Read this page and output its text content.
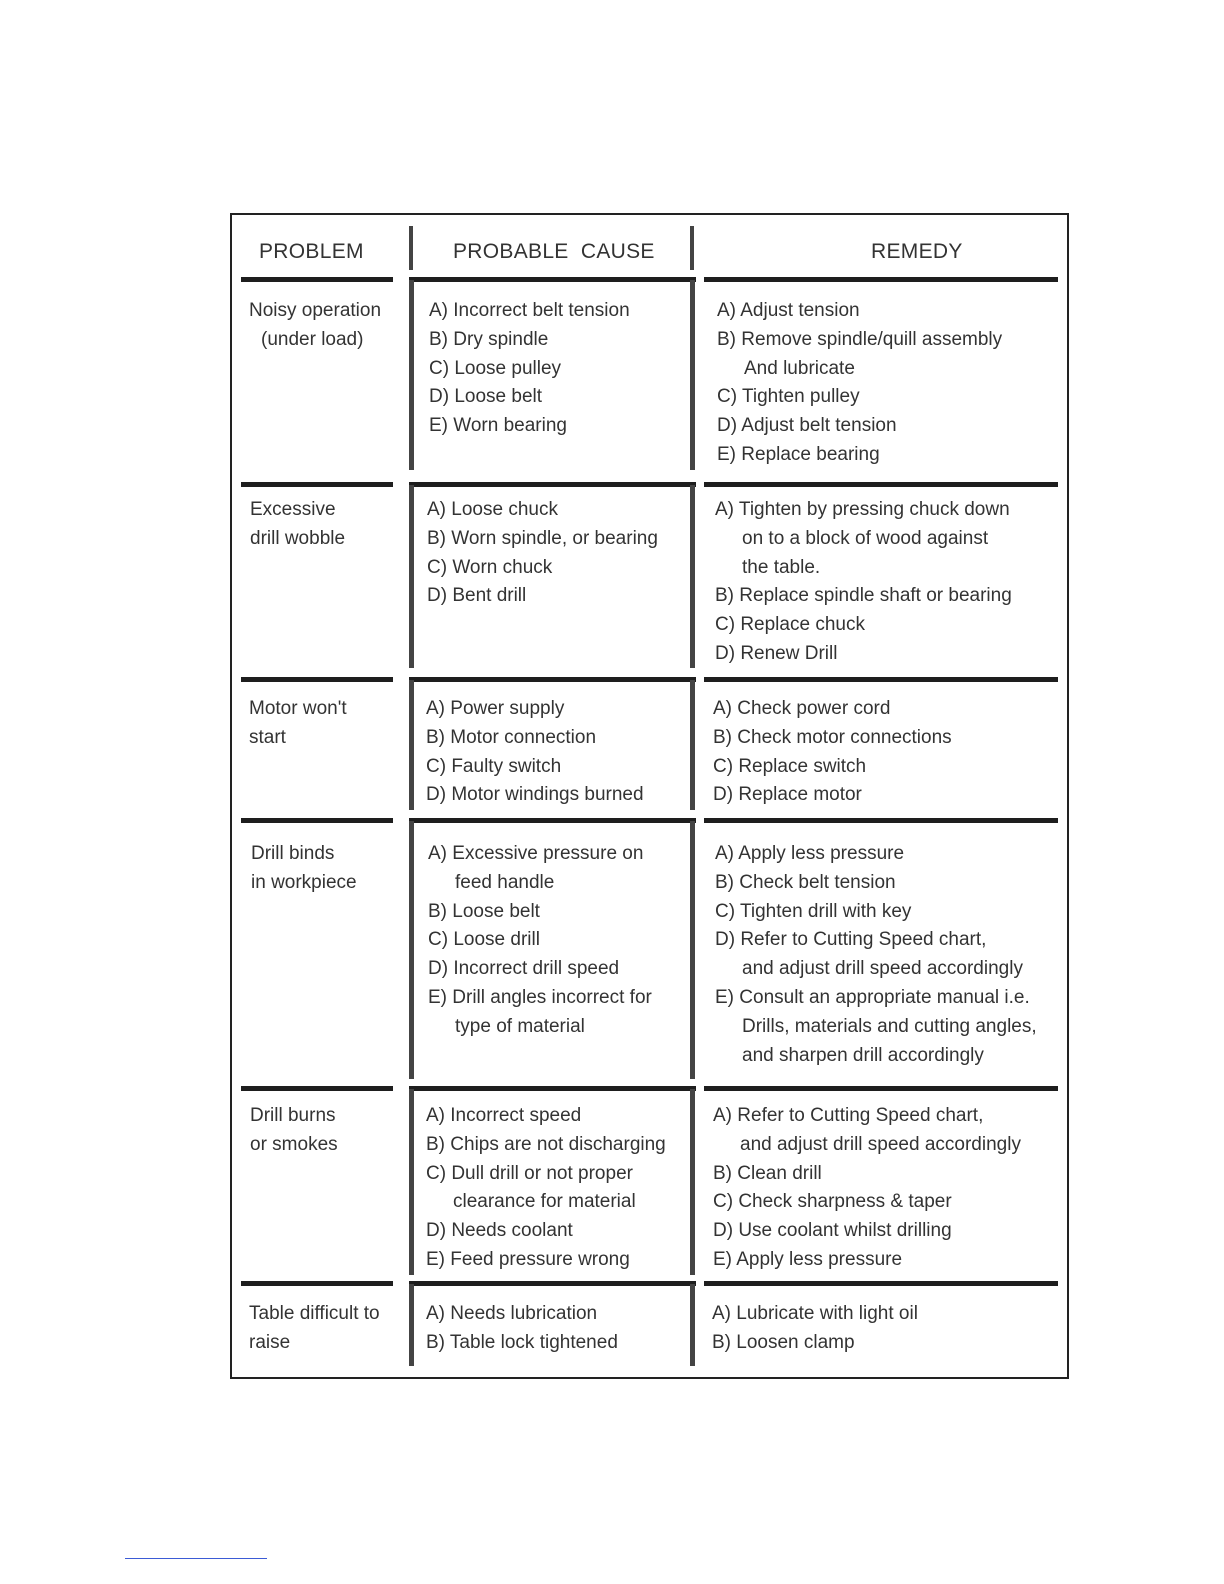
PROBLEM	PROBABLE  CAUSE	REMEDY
Noisy operation
(under load)
A) Incorrect belt tension
B) Dry spindle
C) Loose pulley
D) Loose belt
E) Worn bearing
A) Adjust tension
B) Remove spindle/quill assembly
And lubricate
C) Tighten pulley
D) Adjust belt tension
E) Replace bearing
Excessive
drill wobble
A) Loose chuck
B) Worn spindle, or bearing
C) Worn chuck
D) Bent drill
A) Tighten by pressing chuck down
on to a block of wood against
the table.
B) Replace spindle shaft or bearing
C) Replace chuck
D) Renew Drill
Motor won't
start
A) Power supply
B) Motor connection
C) Faulty switch
D) Motor windings burned
A) Check power cord
B) Check motor connections
C) Replace switch
D) Replace motor
Drill binds
in workpiece
A) Excessive pressure on
feed handle
B) Loose belt
C) Loose drill
D) Incorrect drill speed
E) Drill angles incorrect for
type of material
A) Apply less pressure
B) Check belt tension
C) Tighten drill with key
D) Refer to Cutting Speed chart,
and adjust drill speed accordingly
E) Consult an appropriate manual i.e.
Drills, materials and cutting angles,
and sharpen drill accordingly
Drill burns
or smokes
A) Incorrect speed
B) Chips are not discharging
C) Dull drill or not proper
clearance for material
D) Needs coolant
E) Feed pressure wrong
A) Refer to Cutting Speed chart,
and adjust drill speed accordingly
B) Clean drill
C) Check sharpness & taper
D) Use coolant whilst drilling
E) Apply less pressure
Table difficult to
raise
A) Needs lubrication
B) Table lock tightened
A) Lubricate with light oil
B) Loosen clamp
